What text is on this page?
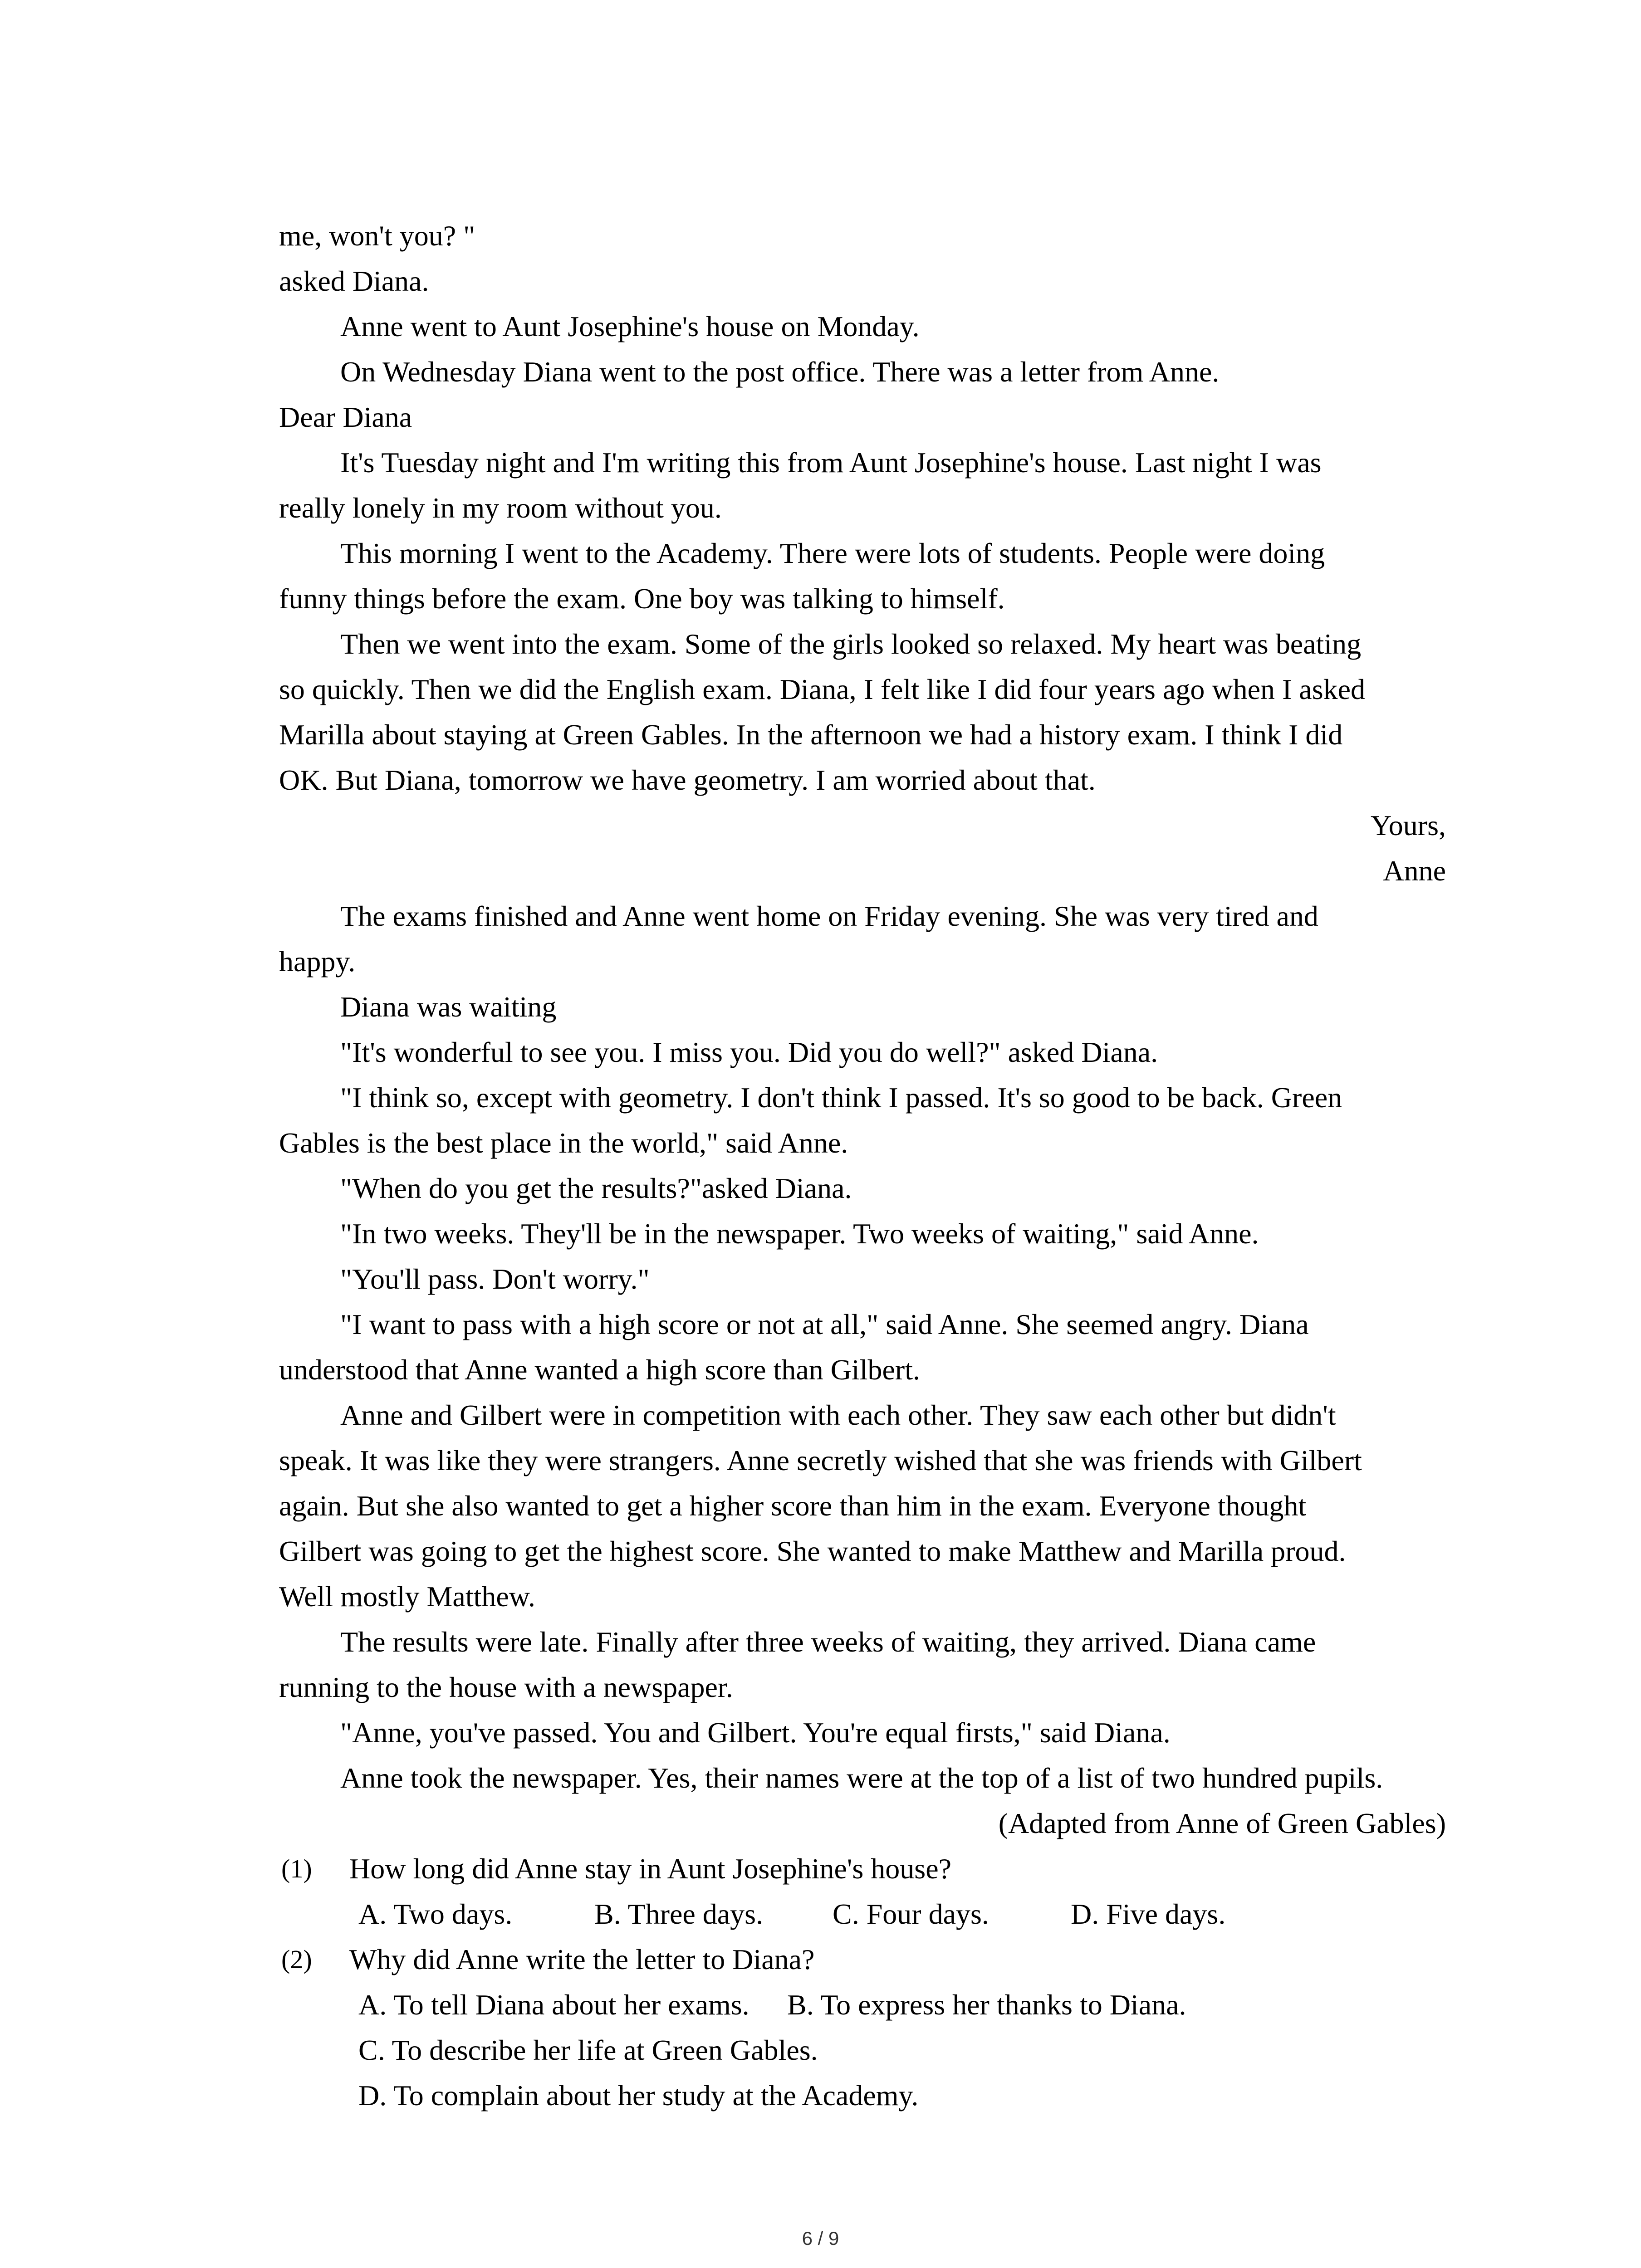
me, won't you? "
asked Diana.
Anne went to Aunt Josephine's house on Monday.
On Wednesday Diana went to the post office. There was a letter from Anne.
Dear Diana
It's Tuesday night and I'm writing this from Aunt Josephine's house. Last night I was
really lonely in my room without you.
This morning I went to the Academy. There were lots of students. People were doing
funny things before the exam. One boy was talking to himself.
Then we went into the exam. Some of the girls looked so relaxed. My heart was beating
so quickly. Then we did the English exam. Diana, I felt like I did four years ago when I asked
Marilla about staying at Green Gables. In the afternoon we had a history exam. I think I did
OK. But Diana, tomorrow we have geometry. I am worried about that.
Yours,
Anne
The exams finished and Anne went home on Friday evening. She was very tired and
happy.
Diana was waiting
"It's wonderful to see you. I miss you. Did you do well?" asked Diana.
"I think so, except with geometry. I don't think I passed. It's so good to be back. Green
Gables is the best place in the world," said Anne.
"When do you get the results?"asked Diana.
"In two weeks. They'll be in the newspaper. Two weeks of waiting," said Anne.
"You'll pass. Don't worry."
"I want to pass with a high score or not at all," said Anne. She seemed angry. Diana
understood that Anne wanted a high score than Gilbert.
Anne and Gilbert were in competition with each other. They saw each other but didn't
speak. It was like they were strangers. Anne secretly wished that she was friends with Gilbert
again. But she also wanted to get a higher score than him in the exam. Everyone thought
Gilbert was going to get the highest score. She wanted to make Matthew and Marilla proud.
Well mostly Matthew.
The results were late. Finally after three weeks of waiting, they arrived. Diana came
running to the house with a newspaper.
"Anne, you've passed. You and Gilbert. You're equal firsts," said Diana.
Anne took the newspaper. Yes, their names were at the top of a list of two hundred pupils.
(Adapted from Anne of Green Gables)
(1) How long did Anne stay in Aunt Josephine's house?
A. Two days.	B. Three days. C. Four days.	D. Five days.
(2) Why did Anne write the letter to Diana?
A. To tell Diana about her exams. B. To express her thanks to Diana.
C. To describe her life at Green Gables.
D. To complain about her study at the Academy.
6 / 9
